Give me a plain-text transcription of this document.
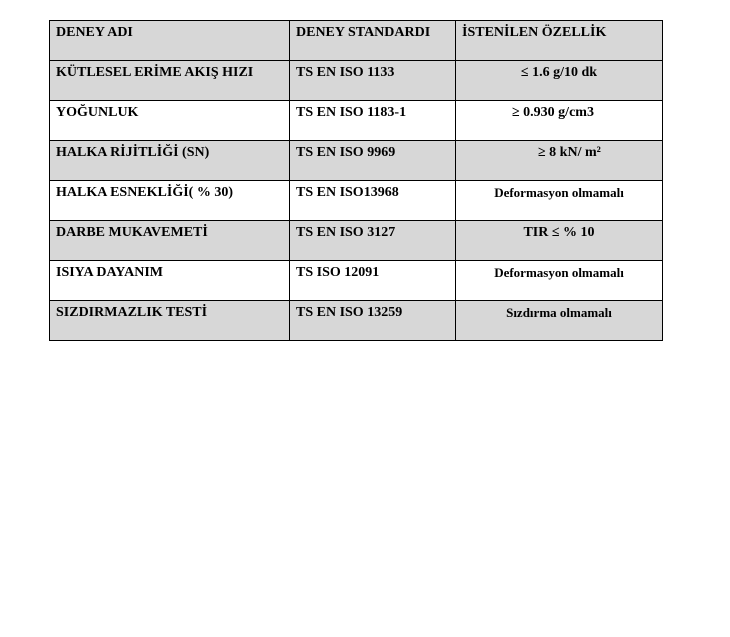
DENEY ADI	DENEY STANDARDI	İSTENİLEN ÖZELLİK
KÜTLESEL ERİME AKIŞ HIZI	TS EN ISO 1133	≤ 1.6 g/10 dk
YOĞUNLUK	TS EN ISO 1183-1	≥ 0.930 g/cm3
HALKA RİJİTLİĞİ (SN)	TS EN ISO 9969	≥ 8 kN/ m²
HALKA ESNEKLİĞİ( % 30)	TS EN ISO13968	Deformasyon olmamalı
DARBE MUKAVEMETİ	TS EN ISO 3127	TIR ≤ % 10
ISIYA DAYANIM	TS ISO 12091	Deformasyon olmamalı
SIZDIRMAZLIK TESTİ	TS EN ISO 13259	Sızdırma olmamalı
